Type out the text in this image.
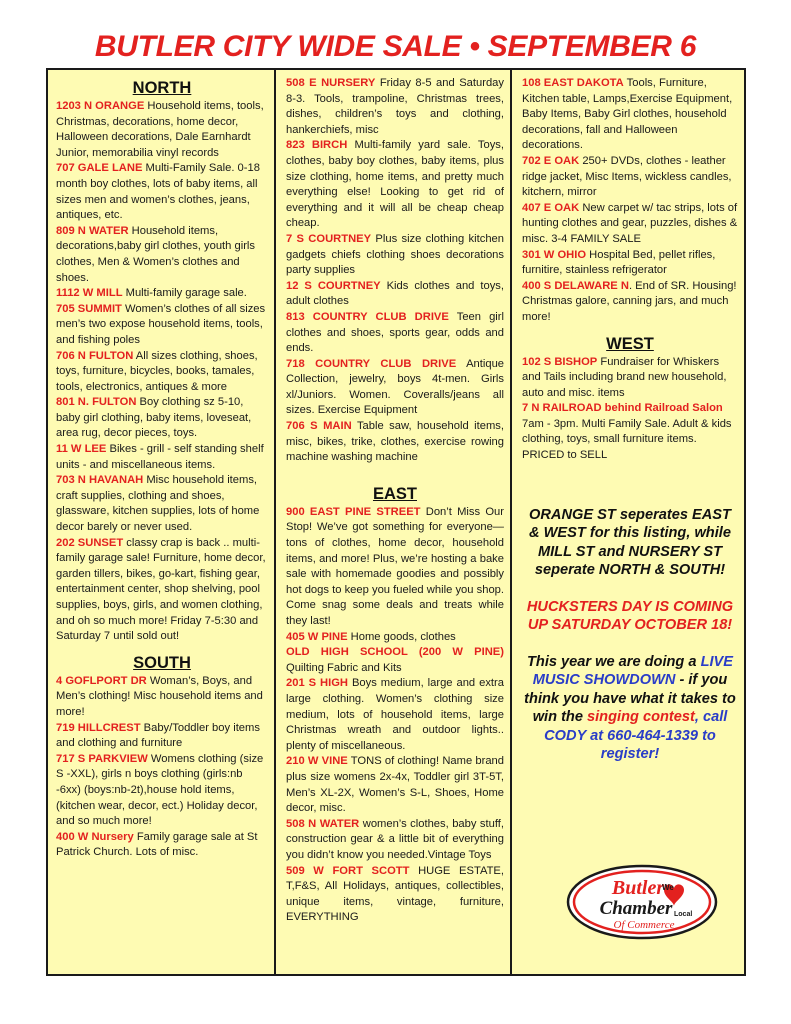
BUTLER CITY WIDE SALE • SEPTEMBER 6
NORTH
1203 N ORANGE Household items, tools, Christmas, decorations, home decor, Halloween decorations, Dale Earnhardt Junior, memorabilia vinyl records
707 GALE LANE Multi-Family Sale. 0-18 month boy clothes, lots of baby items, all sizes men and women’s clothes, jeans, antiques, etc.
809 N WATER Household items, decorations,baby girl clothes, youth girls clothes, Men & Women’s clothes and shoes.
1112 W MILL Multi-family garage sale.
705 SUMMIT Women’s clothes of all sizes men’s two expose household items, tools, and fishing poles
706 N FULTON All sizes clothing, shoes, toys, furniture, bicycles, books, tamales, tools, electronics, antiques & more
801 N. FULTON Boy clothing sz 5-10, baby girl clothing, baby items, loveseat, area rug, decor pieces, toys.
11 W LEE Bikes - grill - self standing shelf units - and miscellaneous items.
703 N HAVANAH Misc household items, craft supplies, clothing and shoes, glassware, kitchen supplies, lots of home decor barely or never used.
202 SUNSET classy crap is back .. multi-family garage sale! Furniture, home decor, garden tillers, bikes, go-kart, fishing gear, entertainment center, shop shelving, pool supplies, boys, girls, and women clothing, and oh so much more! Friday 7-5:30 and Saturday 7 until sold out!
SOUTH
4 GOFLPORT DR Woman’s, Boys, and Men’s clothing! Misc household items and more!
719 HILLCREST Baby/Toddler boy items and clothing and furniture
717 S PARKVIEW Womens clothing (size S -XXL), girls n boys clothing (girls:nb -6xx) (boys:nb-2t),house hold items, (kitchen wear, decor, ect.) Holiday decor, and so much more!
400 W Nursery Family garage sale at St Patrick Church. Lots of misc.
508 E NURSERY Friday 8-5 and Saturday 8-3. Tools, trampoline, Christmas trees, dishes, children’s toys and clothing, hankerchiefs, misc
823 BIRCH Multi-family yard sale. Toys, clothes, baby boy clothes, baby items, plus size clothing, home items, and pretty much everything else! Looking to get rid of everything and it will all be cheap cheap cheap.
7 S COURTNEY Plus size clothing kitchen gadgets chiefs clothing shoes decorations party supplies
12 S COURTNEY Kids clothes and toys, adult clothes
813 COUNTRY CLUB DRIVE Teen girl clothes and shoes, sports gear, odds and ends.
718 COUNTRY CLUB DRIVE Antique Collection, jewelry, boys 4t-men. Girls xl/Juniors. Women. Coveralls/jeans all sizes. Exercise Equipment
706 S MAIN Table saw, household items, misc, bikes, trike, clothes, exercise rowing machine washing machine
EAST
900 EAST PINE STREET Don’t Miss Our Stop! We’ve got something for everyone—tons of clothes, home decor, household items, and more! Plus, we’re hosting a bake sale with homemade goodies and possibly hot dogs to keep you fueled while you shop. Come snag some deals and treats while they last!
405 W PINE Home goods, clothes
OLD HIGH SCHOOL (200 W PINE) Quilting Fabric and Kits
201 S HIGH Boys medium, large and extra large clothing. Women’s clothing size medium, lots of household items, large Christmas wreath and outdoor lights.. plenty of miscellaneous.
210 W VINE TONS of clothing! Name brand plus size womens 2x-4x, Toddler girl 3T-5T, Men’s XL-2X, Women’s S-L, Shoes, Home decor, misc.
508 N WATER women’s clothes, baby stuff, construction gear & a little bit of everything you didn’t know you needed.Vintage Toys
509 W FORT SCOTT HUGE ESTATE, T,F&S, All Holidays, antiques, collectibles, unique items, vintage, furniture, EVERYTHING
108 EAST DAKOTA Tools, Furniture, Kitchen table, Lamps,Exercise Equipment, Baby Items, Baby Girl clothes, household decorations, fall and Halloween decorations.
702 E OAK 250+ DVDs, clothes - leather ridge jacket, Misc Items, wickless candles, kitchern, mirror
407 E OAK New carpet w/ tac strips, lots of hunting clothes and gear, puzzles, dishes & misc. 3-4 FAMILY SALE
301 W OHIO Hospital Bed, pellet rifles, furnitire, stainless refrigerator
400 S DELAWARE N. End of SR. Housing! Christmas galore, canning jars, and much more!
WEST
102 S BISHOP Fundraiser for Whiskers and Tails including brand new household, auto and misc. items
7 N RAILROAD behind Railroad Salon 7am - 3pm. Multi Family Sale. Adult & kids clothing, toys, small furniture items. PRICED to SELL
ORANGE ST seperates EAST & WEST for this listing, while MILL ST and NURSERY ST seperate NORTH & SOUTH!
HUCKSTERS DAY IS COMING UP SATURDAY OCTOBER 18!
This year we are doing a LIVE MUSIC SHOWDOWN - if you think you have what it takes to win the singing contest, call CODY at 660-464-1339 to register!
Butler
We
Chamber Local
Of Commerce
